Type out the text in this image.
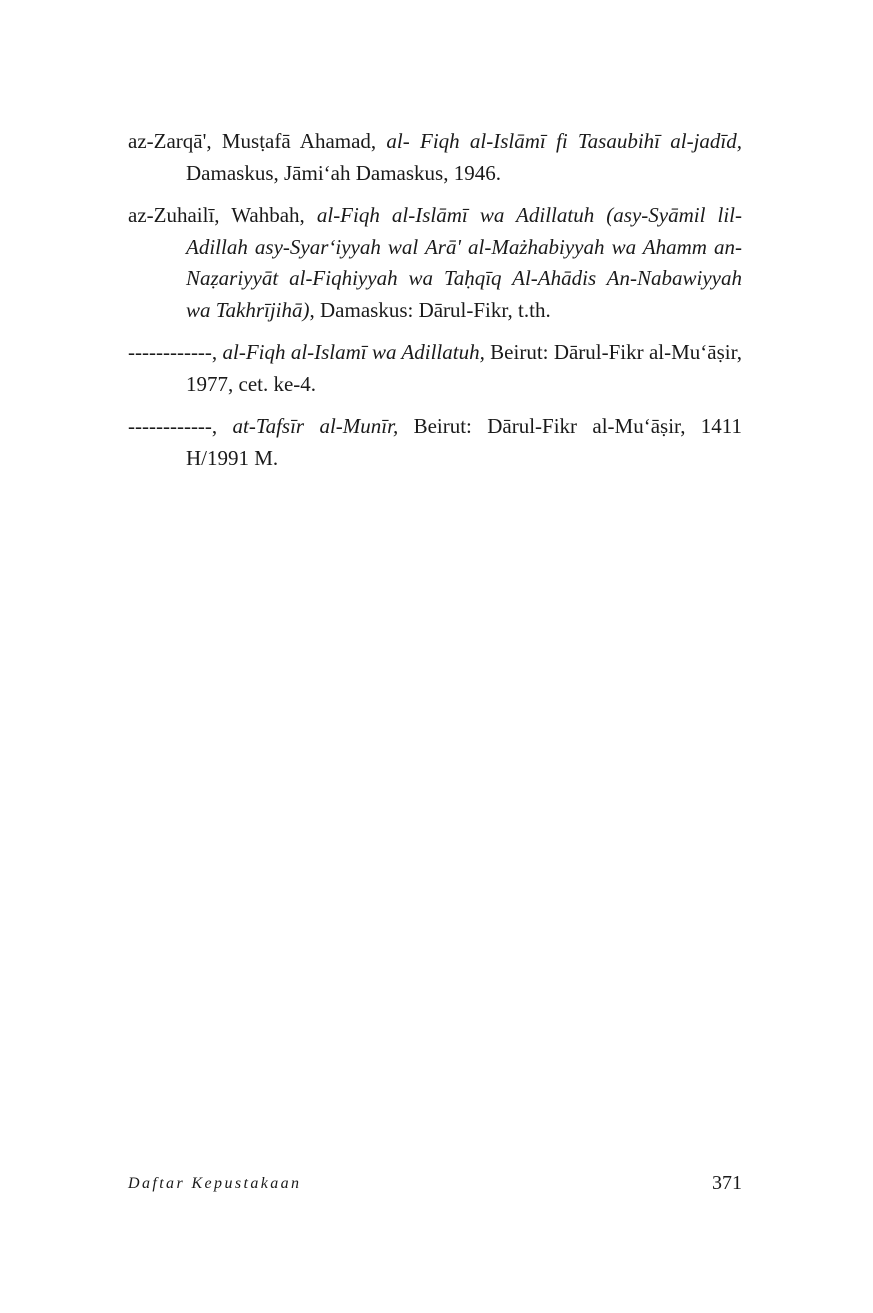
az-Zarqā', Musṭafā Ahamad, al- Fiqh al-Islāmī fi Tasaubihī al-jadīd, Damaskus, Jāmi‘ah Damaskus, 1946.
az-Zuhailī, Wahbah, al-Fiqh al-Islāmī wa Adillatuh (asy-Syāmil lil-Adillah asy-Syar‘iyyah wal Arā' al-Mażhabiyyah wa Ahamm an-Naẓariyyāt al-Fiqhiyyah wa Taḥqīq Al-Ahādis An-Nabawiyyah wa Takhrījihā), Damaskus: Dārul-Fikr, t.th.
------------, al-Fiqh al-Islamī wa Adillatuh, Beirut: Dārul-Fikr al-Mu‘āṣir, 1977, cet. ke-4.
------------, at-Tafsīr al-Munīr, Beirut: Dārul-Fikr al-Mu‘āṣir, 1411 H/1991 M.
Daftar Kepustakaan	371
